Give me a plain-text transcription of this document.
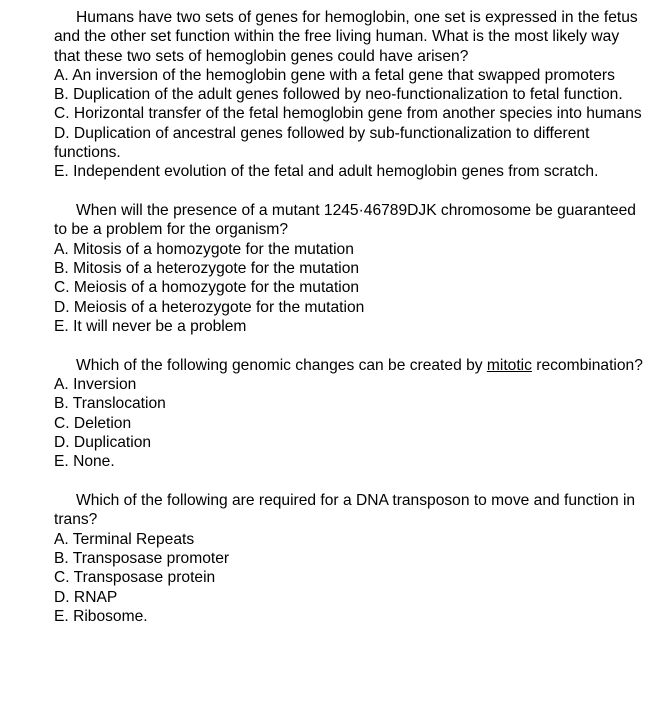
Humans have two sets of genes for hemoglobin, one set is expressed in the fetus and the other set function within the free living human. What is the most likely way that these two sets of hemoglobin genes could have arisen?

A. An inversion of the hemoglobin gene with a fetal gene that swapped promoters

B. Duplication of the adult genes followed by neo-functionalization to fetal function.

C. Horizontal transfer of the fetal hemoglobin gene from another species into humans

D. Duplication of ancestral genes followed by sub-functionalization to different functions.

E. Independent evolution of the fetal and adult hemoglobin genes from scratch.

When will the presence of a mutant 1245·46789DJK chromosome be guaranteed to be a problem for the organism?

A. Mitosis of a homozygote for the mutation

B. Mitosis of a heterozygote for the mutation

C. Meiosis of a homozygote for the mutation

D. Meiosis of a heterozygote for the mutation

E. It will never be a problem

Which of the following genomic changes can be created by mitotic recombination?

A. Inversion

B. Translocation

C. Deletion

D. Duplication

E. None.

Which of the following are required for a DNA transposon to move and function in trans?

A. Terminal Repeats

B. Transposase promoter

C. Transposase protein

D. RNAP

E. Ribosome.
